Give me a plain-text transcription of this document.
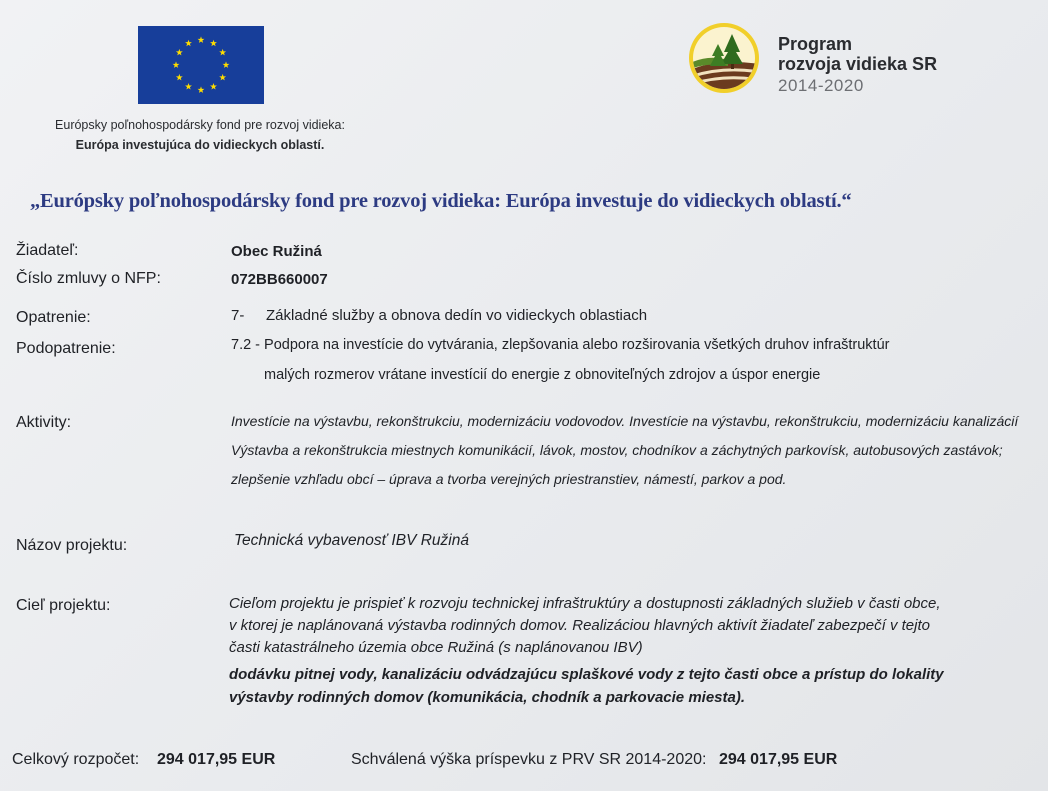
Európsky poľnohospodársky fond pre rozvoj vidieka:
Európa investujúca do vidieckych oblastí.
Program
rozvoja vidieka SR
2014-2020
„Európsky poľnohospodársky fond pre rozvoj vidieka: Európa investuje do vidieckych oblastí.“
Žiadateľ:	Obec Ružiná
Číslo zmluvy o NFP:	072BB660007
Opatrenie:	7- Základné služby a obnova dedín vo vidieckych oblastiach
Podopatrenie:	7.2 - Podpora na investície do vytvárania, zlepšovania alebo rozširovania všetkých druhov infraštruktúr
malých rozmerov vrátane investícií do energie z obnoviteľných zdrojov a úspor energie
Aktivity:	Investície na výstavbu, rekonštrukciu, modernizáciu vodovodov. Investície na výstavbu, rekonštrukciu, modernizáciu kanalizácií
Výstavba a rekonštrukcia miestnych komunikácií, lávok, mostov, chodníkov a záchytných parkovísk, autobusových zastávok;
zlepšenie vzhľadu obcí – úprava a tvorba verejných priestranstiev, námestí, parkov a pod.
Názov projektu:	Technická vybavenosť IBV Ružiná
Cieľ projektu:	Cieľom projektu je prispieť k rozvoju technickej infraštruktúry a dostupnosti základných služieb v časti obce,
v ktorej je naplánovaná výstavba rodinných domov. Realizáciou hlavných aktivít žiadateľ zabezpečí v tejto
časti katastrálneho územia obce Ružiná (s naplánovanou IBV)
dodávku pitnej vody, kanalizáciu odvádzajúcu splaškové vody z tejto časti obce a prístup do lokality
výstavby rodinných domov (komunikácia, chodník a parkovacie miesta).
Celkový rozpočet: 294 017,95 EUR	Schválená výška príspevku z PRV SR 2014-2020: 294 017,95 EUR
